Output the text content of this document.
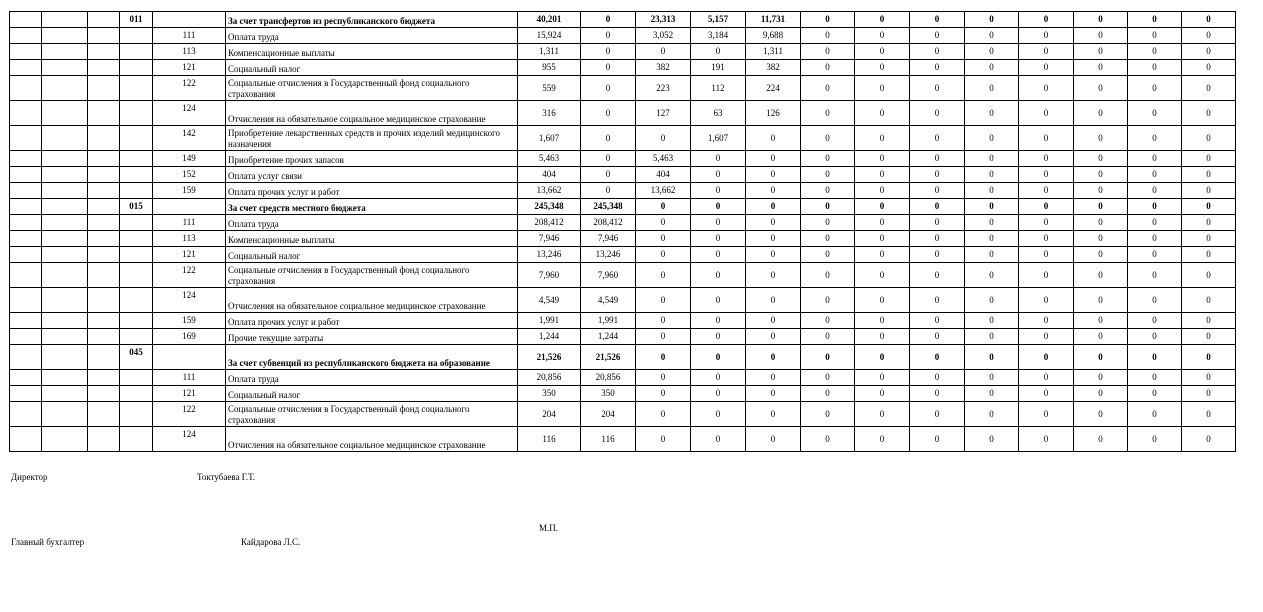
			011		За счет трансфертов из республиканского бюджета	40,201	0	23,313	5,157	11,731	0	0	0	0	0	0	0	0
				111	Оплата труда	15,924	0	3,052	3,184	9,688	0	0	0	0	0	0	0	0
				113	Компенсационные выплаты	1,311	0	0	0	1,311	0	0	0	0	0	0	0	0
				121	Социальный налог	955	0	382	191	382	0	0	0	0	0	0	0	0
				122	Социальные отчисления в Государственный фонд социального страхования	559	0	223	112	224	0	0	0	0	0	0	0	0
				124	Отчисления на обязательное социальное медицинское страхование	316	0	127	63	126	0	0	0	0	0	0	0	0
				142	Приобретение лекарственных средств и прочих изделий медицинского назначения	1,607	0	0	1,607	0	0	0	0	0	0	0	0	0
				149	Приобретение прочих запасов	5,463	0	5,463	0	0	0	0	0	0	0	0	0	0
				152	Оплата услуг связи	404	0	404	0	0	0	0	0	0	0	0	0	0
				159	Оплата прочих услуг и работ	13,662	0	13,662	0	0	0	0	0	0	0	0	0	0
			015		За счет средств местного бюджета	245,348	245,348	0	0	0	0	0	0	0	0	0	0	0
				111	Оплата труда	208,412	208,412	0	0	0	0	0	0	0	0	0	0	0
				113	Компенсационные выплаты	7,946	7,946	0	0	0	0	0	0	0	0	0	0	0
				121	Социальный налог	13,246	13,246	0	0	0	0	0	0	0	0	0	0	0
				122	Социальные отчисления в Государственный фонд социального страхования	7,960	7,960	0	0	0	0	0	0	0	0	0	0	0
				124	Отчисления на обязательное социальное медицинское страхование	4,549	4,549	0	0	0	0	0	0	0	0	0	0	0
				159	Оплата прочих услуг и работ	1,991	1,991	0	0	0	0	0	0	0	0	0	0	0
				169	Прочие текущие затраты	1,244	1,244	0	0	0	0	0	0	0	0	0	0	0
			045		За счет субвенций из республиканского бюджета на образование	21,526	21,526	0	0	0	0	0	0	0	0	0	0	0
				111	Оплата труда	20,856	20,856	0	0	0	0	0	0	0	0	0	0	0
				121	Социальный налог	350	350	0	0	0	0	0	0	0	0	0	0	0
				122	Социальные отчисления в Государственный фонд социального страхования	204	204	0	0	0	0	0	0	0	0	0	0	0
				124	Отчисления на обязательное социальное медицинское страхование	116	116	0	0	0	0	0	0	0	0	0	0	0
Директор	Токтубаева Г.Т.
М.П.
Главный бухгалтер	Кайдарова Л.С.
